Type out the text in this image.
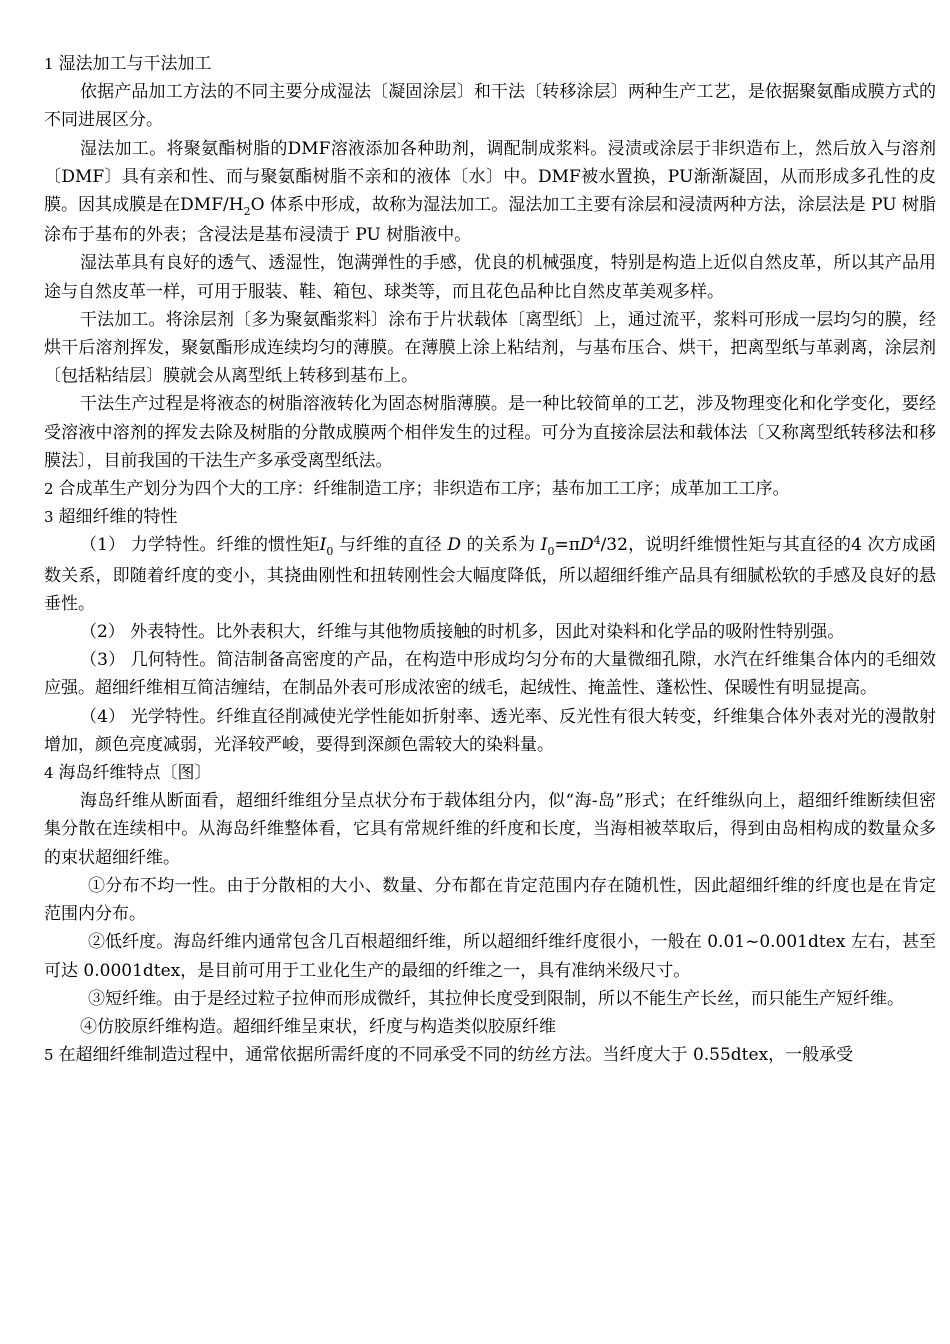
1 湿法加工与干法加工

依据产品加工方法的不同主要分成湿法〔凝固涂层〕和干法〔转移涂层〕两种生产工艺，是依据聚氨酯成膜方式的不同进展区分。

湿法加工。将聚氨酯树脂的DMF溶液添加各种助剂，调配制成浆料。浸渍或涂层于非织造布上，然后放入与溶剂〔DMF〕具有亲和性、而与聚氨酯树脂不亲和的液体〔水〕中。DMF被水置换，PU渐渐凝固，从而形成多孔性的皮膜。因其成膜是在DMF/$H_2O$ 体系中形成，故称为湿法加工。湿法加工主要有涂层和浸渍两种方法，涂层法是 PU 树脂涂布于基布的外表；含浸法是基布浸渍于 PU 树脂液中。

湿法革具有良好的透气、透湿性，饱满弹性的手感，优良的机械强度，特别是构造上近似自然皮革，所以其产品用途与自然皮革一样，可用于服装、鞋、箱包、球类等，而且花色品种比自然皮革美观多样。

干法加工。将涂层剂〔多为聚氨酯浆料〕涂布于片状载体〔离型纸〕上，通过流平，浆料可形成一层均匀的膜，经烘干后溶剂挥发，聚氨酯形成连续均匀的薄膜。在薄膜上涂上粘结剂，与基布压合、烘干，把离型纸与革剥离，涂层剂〔包括粘结层〕膜就会从离型纸上转移到基布上。

干法生产过程是将液态的树脂溶液转化为固态树脂薄膜。是一种比较简单的工艺，涉及物理变化和化学变化，要经受溶液中溶剂的挥发去除及树脂的分散成膜两个相伴发生的过程。可分为直接涂层法和载体法〔又称离型纸转移法和移膜法〕，目前我国的干法生产多承受离型纸法。

2 合成革生产划分为四个大的工序：纤维制造工序；非织造布工序；基布加工工序；成革加工工序。

3 超细纤维的特性

（1） 力学特性。纤维的惯性矩$I_0$ 与纤维的直径 D 的关系为 $I_0=\pi D^4/32$，说明纤维惯性矩与其直径的4 次方成函数关系，即随着纤度的变小，其挠曲刚性和扭转刚性会大幅度降低，所以超细纤维产品具有细腻松软的手感及良好的悬垂性。

（2） 外表特性。比外表积大，纤维与其他物质接触的时机多，因此对染料和化学品的吸附性特别强。

（3） 几何特性。简洁制备高密度的产品，在构造中形成均匀分布的大量微细孔隙，水汽在纤维集合体内的毛细效应强。超细纤维相互简洁缠结，在制品外表可形成浓密的绒毛，起绒性、掩盖性、蓬松性、保暖性有明显提高。

（4） 光学特性。纤维直径削减使光学性能如折射率、透光率、反光性有很大转变，纤维集合体外表对光的漫散射增加，颜色亮度减弱，光泽较严峻，要得到深颜色需较大的染料量。

4 海岛纤维特点〔图〕

海岛纤维从断面看，超细纤维组分呈点状分布于载体组分内，似“海-岛”形式；在纤维纵向上，超细纤维断续但密集分散在连续相中。从海岛纤维整体看，它具有常规纤维的纤度和长度，当海相被萃取后，得到由岛相构成的数量众多的束状超细纤维。

①分布不均一性。由于分散相的大小、数量、分布都在肯定范围内存在随机性，因此超细纤维的纤度也是在肯定范围内分布。

②低纤度。海岛纤维内通常包含几百根超细纤维，所以超细纤维纤度很小，一般在 0.01~0.001dtex 左右，甚至可达 0.0001dtex，是目前可用于工业化生产的最细的纤维之一，具有准纳米级尺寸。

③短纤维。由于是经过粒子拉伸而形成微纤，其拉伸长度受到限制，所以不能生产长丝，而只能生产短纤维。

④仿胶原纤维构造。超细纤维呈束状，纤度与构造类似胶原纤维

5 在超细纤维制造过程中，通常依据所需纤度的不同承受不同的纺丝方法。当纤度大于 0.55dtex，一般承受
